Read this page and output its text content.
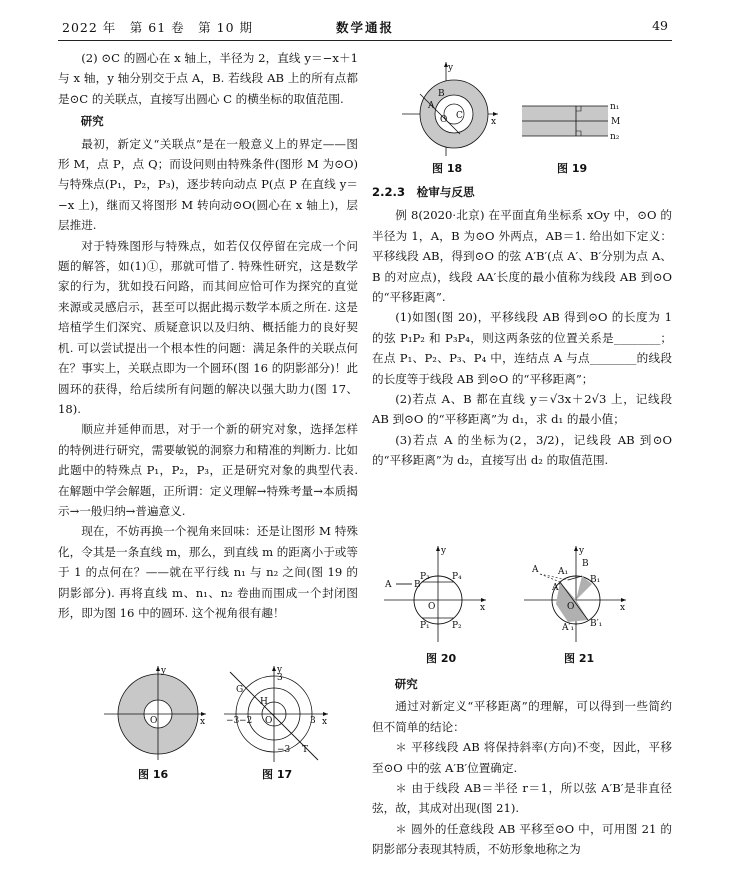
2022 年　第 61 卷　第 10 期	数学通报	49

(2) ⊙C 的圆心在 x 轴上，半径为 2，直线 y＝−x＋1 与 x 轴，y 轴分别交于点 A，B. 若线段 AB 上的所有点都是⊙C 的关联点，直接写出圆心 C 的横坐标的取值范围.

研究

最初，新定义“关联点”是在一般意义上的界定——图形 M，点 P，点 Q；而设问则由特殊条件(图形 M 为⊙O)与特殊点(P₁，P₂，P₃)，逐步转向动点 P(点 P 在直线 y＝−x 上)，继而又将图形 M 转向动⊙O(圆心在 x 轴上)，层层推进.

对于特殊图形与特殊点，如若仅仅停留在完成一个问题的解答，如(1)①，那就可惜了. 特殊性研究，这是数学家的行为，犹如投石问路，而其间应恰可作为探究的直觉来源或灵感启示，甚至可以据此揭示数学本质之所在. 这是培植学生们深究、质疑意识以及归纳、概括能力的良好契机. 可以尝试提出一个根本性的问题：满足条件的关联点何在？事实上，关联点即为一个圆环(图 16 的阴影部分)！此圆环的获得，给后续所有问题的解决以强大助力(图 17、18).

顺应并延伸而思，对于一个新的研究对象，选择怎样的特例进行研究，需要敏锐的洞察力和精准的判断力. 比如此题中的特殊点 P₁，P₂，P₃，正是研究对象的典型代表. 在解题中学会解题，正所谓：定义理解→特殊考量→本质揭示→一般归纳→普遍意义.

现在，不妨再换一个视角来回味：还是让图形 M 特殊化，令其是一条直线 m，那么，到直线 m 的距离小于或等于 1 的点何在？——就在平行线 n₁ 与 n₂ 之间(图 19 的阴影部分). 再将直线 m、n₁、n₂ 卷曲而围成一个封闭图形，即为图 16 中的圆环. 这个视角很有趣！

2.2.3　检审与反思

例 8(2020·北京) 在平面直角坐标系 xOy 中，⊙O 的半径为 1，A，B 为⊙O 外两点，AB＝1. 给出如下定义：平移线段 AB，得到⊙O 的弦 A′B′(点 A′、B′分别为点 A、B 的对应点)，线段 AA′长度的最小值称为线段 AB 到⊙O 的“平移距离”.

(1)如图(图 20)，平移线段 AB 得到⊙O 的长度为 1 的弦 P₁P₂ 和 P₃P₄，则这两条弦的位置关系是________；在点 P₁、P₂、P₃、P₄ 中，连结点 A 与点________的线段的长度等于线段 AB 到⊙O 的“平移距离”；

(2)若点 A、B 都在直线 y＝√3x＋2√3 上，记线段 AB 到⊙O 的“平移距离”为 d₁，求 d₁ 的最小值；

(3)若点 A 的坐标为(2，3/2)，记线段 AB 到⊙O 的“平移距离”为 d₂，直接写出 d₂ 的取值范围.

研究

通过对新定义“平移距离”的理解，可以得到一些简约但不简单的结论：

＊ 平移线段 AB 将保持斜率(方向)不变，因此，平移至⊙O 中的弦 A′B′位置确定.

＊ 由于线段 AB＝半径 r＝1，所以弦 A′B′是非直径弦，故，其成对出现(图 21).

＊ 圆外的任意线段 AB 平移至⊙O 中，可用图 21 的阴影部分表现其特质，不妨形象地称之为

y
x
B
A
C
O
图 18
n₁
M
n₂
图 19
x
y
O
图 16
x
y
G
H
O
T
−3 −2	3
3
−3
图 17
A	B
P₃ P₄
P₁ P₂
O	x
y
图 20
A
B
A′
B₁
A₁
A′₁ B′₁
O	x
y
图 21
